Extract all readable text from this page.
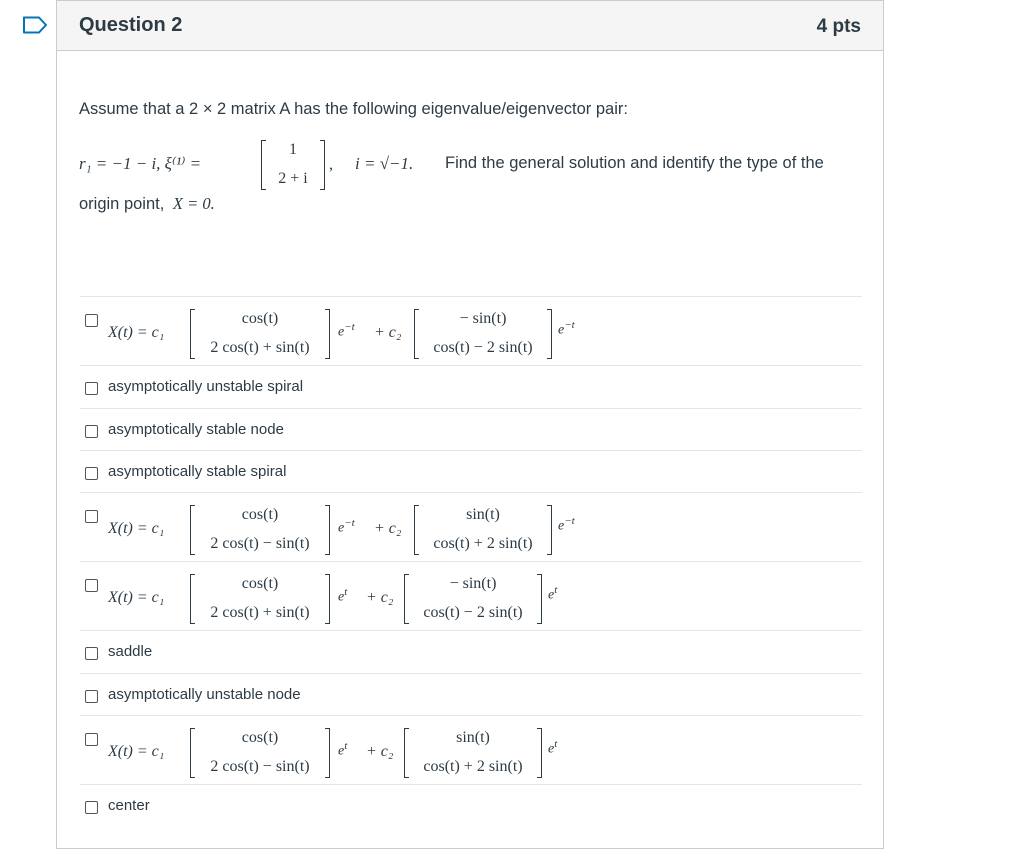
Question 2	4 pts
Assume that a 2 × 2 matrix A has the following eigenvalue/eigenvector pair:
r₁ = −1 − i, ξ⁽¹⁾ =
1
2 + i
, i = √−1. Find the general solution and identify the type of the
origin point, X = 0.
X(t) = c₁
cos(t)
2 cos(t) + sin(t)
$e^{-t} + c_2$
− sin(t)
cos(t) − 2 sin(t)
$e^{-t}$
asymptotically unstable spiral
asymptotically stable node
asymptotically stable spiral
X(t) = c₁
cos(t)
2 cos(t) − sin(t)
$e^{-t} + c_2$
sin(t)
cos(t) + 2 sin(t)
$e^{-t}$
X(t) = c₁
cos(t)
2 cos(t) + sin(t)
$e^t + c_2$
− sin(t)
cos(t) − 2 sin(t)
$e^t$
saddle
asymptotically unstable node
X(t) = c₁
cos(t)
2 cos(t) − sin(t)
$e^t + c_2$
sin(t)
cos(t) + 2 sin(t)
$e^t$
center
